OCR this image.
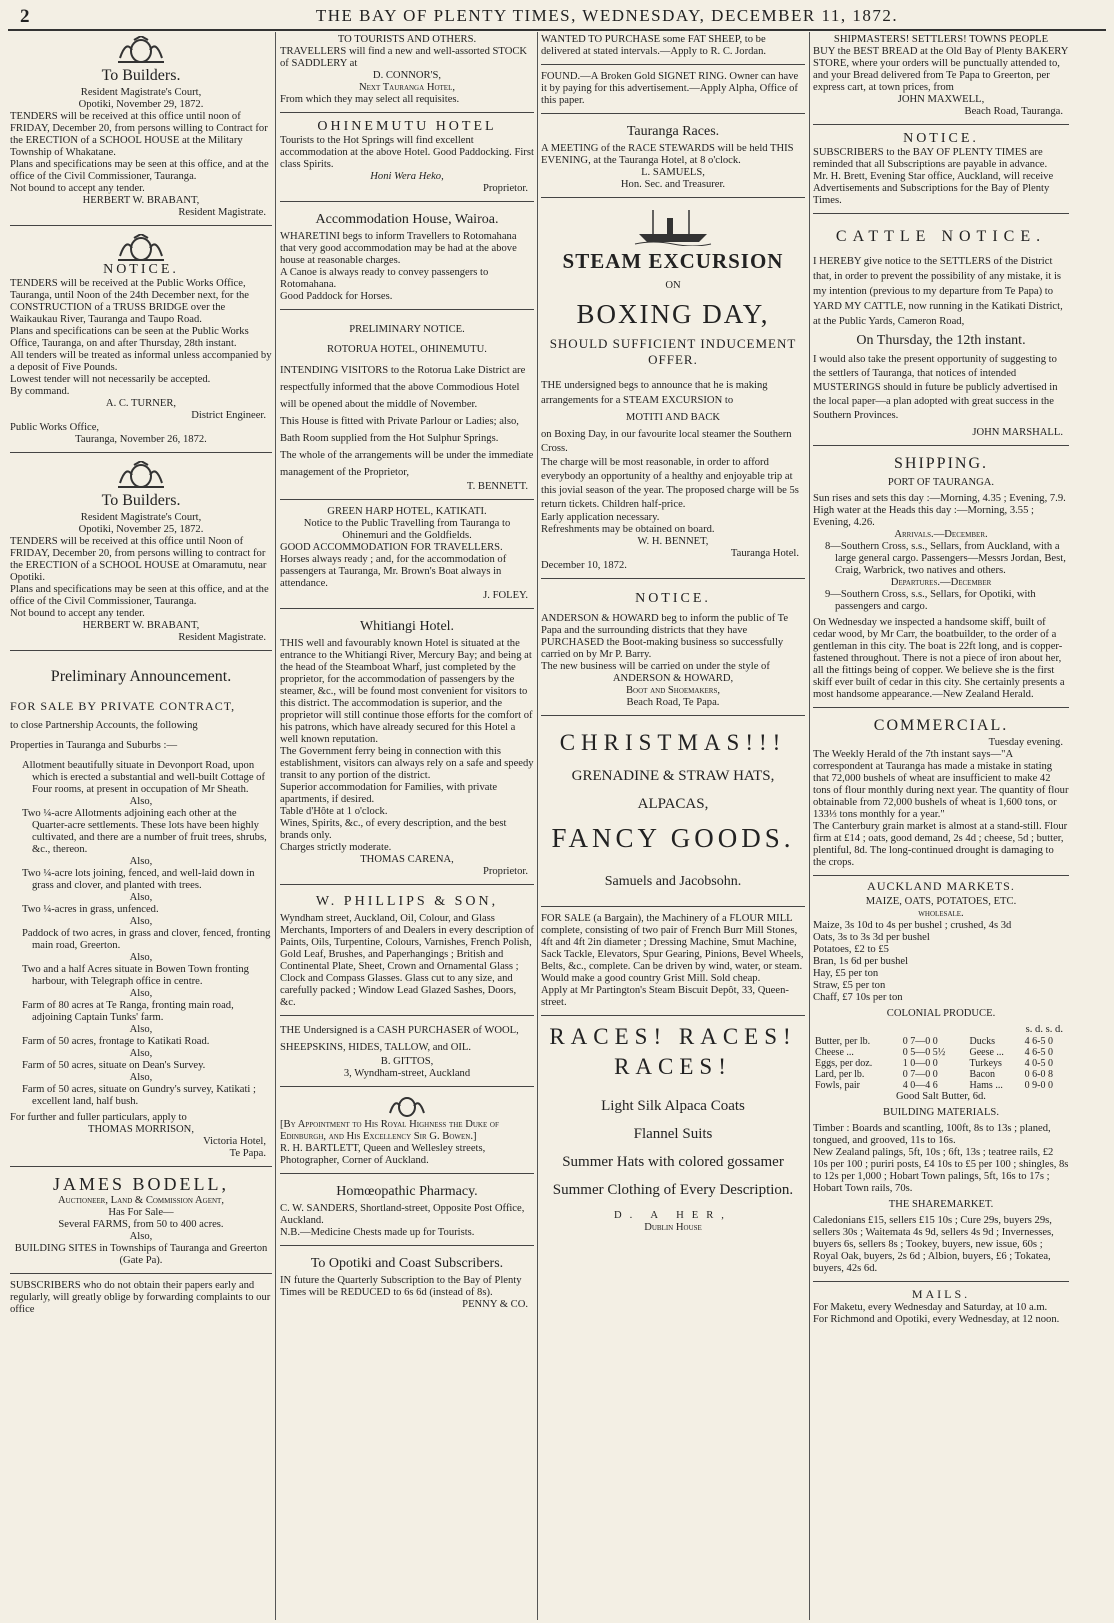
2	THE BAY OF PLENTY TIMES, WEDNESDAY, DECEMBER 11, 1872.

To Builders.

Resident Magistrate's Court,

Opotiki, November 29, 1872.

TENDERS will be received at this office until noon of FRIDAY, December 20, from persons willing to Contract for the ERECTION of a SCHOOL HOUSE at the Military Township of Whakatane.

Plans and specifications may be seen at this office, and at the office of the Civil Commissioner, Tauranga.

Not bound to accept any tender.

HERBERT W. BRABANT,

Resident Magistrate.

NOTICE.

TENDERS will be received at the Public Works Office, Tauranga, until Noon of the 24th December next, for the CONSTRUCTION of a TRUSS BRIDGE over the Waikaukau River, Tauranga and Taupo Road.

Plans and specifications can be seen at the Public Works Office, Tauranga, on and after Thursday, 28th instant.

All tenders will be treated as informal unless accompanied by a deposit of Five Pounds.

Lowest tender will not necessarily be accepted.

By command.

A. C. TURNER,

District Engineer.

Public Works Office,

Tauranga, November 26, 1872.

To Builders.

Resident Magistrate's Court,

Opotiki, November 25, 1872.

TENDERS will be received at this office until Noon of FRIDAY, December 20, from persons willing to contract for the ERECTION of a SCHOOL HOUSE at Omaramutu, near Opotiki.

Plans and specifications may be seen at this office, and at the office of the Civil Commissioner, Tauranga.

Not bound to accept any tender.

HERBERT W. BRABANT,

Resident Magistrate.

Preliminary Announcement.

FOR SALE BY PRIVATE CONTRACT,

to close Partnership Accounts, the following

Properties in Tauranga and Suburbs :—

Allotment beautifully situate in Devonport Road, upon which is erected a substantial and well-built Cottage of Four rooms, at present in occupation of Mr Sheath.

Also,

Two ¼-acre Allotments adjoining each other at the Quarter-acre settlements. These lots have been highly cultivated, and there are a number of fruit trees, shrubs, &c., thereon.

Also,

Two ¼-acre lots joining, fenced, and well-laid down in grass and clover, and planted with trees.

Also,

Two ¼-acres in grass, unfenced.

Also,

Paddock of two acres, in grass and clover, fenced, fronting main road, Greerton.

Also,

Two and a half Acres situate in Bowen Town fronting harbour, with Telegraph office in centre.

Also,

Farm of 80 acres at Te Ranga, fronting main road, adjoining Captain Tunks' farm.

Also,

Farm of 50 acres, frontage to Katikati Road.

Also,

Farm of 50 acres, situate on Dean's Survey.

Also,

Farm of 50 acres, situate on Gundry's survey, Katikati ; excellent land, half bush.

For further and fuller particulars, apply to

THOMAS MORRISON,

Victoria Hotel,

Te Papa.

JAMES BODELL,

Auctioneer, Land & Commission Agent,

Has For Sale—

Several FARMS, from 50 to 400 acres.

Also,

BUILDING SITES in Townships of Tauranga and Greerton (Gate Pa).

SUBSCRIBERS who do not obtain their papers early and regularly, will greatly oblige by forwarding complaints to our office

TO TOURISTS AND OTHERS.

TRAVELLERS will find a new and well-assorted STOCK of SADDLERY at

D. CONNOR'S,

Next Tauranga Hotel,

From which they may select all requisites.

OHINEMUTU HOTEL

Tourists to the Hot Springs will find excellent accommodation at the above Hotel. Good Paddocking. First class Spirits.

Honi Wera Heko,

Proprietor.

Accommodation House, Wairoa.

WHARETINI begs to inform Travellers to Rotomahana that very good accommodation may be had at the above house at reasonable charges.

A Canoe is always ready to convey passengers to Rotomahana.

Good Paddock for Horses.

PRELIMINARY NOTICE.

ROTORUA HOTEL, OHINEMUTU.

INTENDING VISITORS to the Rotorua Lake District are respectfully informed that the above Commodious Hotel will be opened about the middle of November.

This House is fitted with Private Parlour or Ladies; also, Bath Room supplied from the Hot Sulphur Springs.

The whole of the arrangements will be under the immediate management of the Proprietor,

T. BENNETT.

GREEN HARP HOTEL, KATIKATI.

Notice to the Public Travelling from Tauranga to Ohinemuri and the Goldfields.

GOOD ACCOMMODATION FOR TRAVELLERS. Horses always ready ; and, for the accommodation of passengers at Tauranga, Mr. Brown's Boat always in attendance.

J. FOLEY.

Whitiangi Hotel.

THIS well and favourably known Hotel is situated at the entrance to the Whitiangi River, Mercury Bay; and being at the head of the Steamboat Wharf, just completed by the proprietor, for the accommodation of passengers by the steamer, &c., will be found most convenient for visitors to this district. The accommodation is superior, and the proprietor will still continue those efforts for the comfort of his patrons, which have already secured for this Hotel a well known reputation.

The Government ferry being in connection with this establishment, visitors can always rely on a safe and speedy transit to any portion of the district.

Superior accommodation for Families, with private apartments, if desired.

Table d'Hôte at 1 o'clock.

Wines, Spirits, &c., of every description, and the best brands only.

Charges strictly moderate.

THOMAS CARENA,

Proprietor.

W. PHILLIPS & SON,

Wyndham street, Auckland, Oil, Colour, and Glass Merchants, Importers of and Dealers in every description of Paints, Oils, Turpentine, Colours, Varnishes, French Polish, Gold Leaf, Brushes, and Paperhangings ; British and Continental Plate, Sheet, Crown and Ornamental Glass ; Clock and Compass Glasses. Glass cut to any size, and carefully packed ; Window Lead Glazed Sashes, Doors, &c.

THE Undersigned is a CASH PURCHASER of WOOL, SHEEPSKINS, HIDES, TALLOW, and OIL.

B. GITTOS,

3, Wyndham-street, Auckland

[By Appointment to His Royal Highness the Duke of Edinburgh, and His Excellency Sir G. Bowen.]

R. H. BARTLETT, Queen and Wellesley streets, Photographer, Corner of Auckland.

Homœopathic Pharmacy.

C. W. SANDERS, Shortland-street, Opposite Post Office, Auckland.

N.B.—Medicine Chests made up for Tourists.

To Opotiki and Coast Subscribers.

IN future the Quarterly Subscription to the Bay of Plenty Times will be REDUCED to 6s 6d (instead of 8s).

PENNY & CO.

WANTED TO PURCHASE some FAT SHEEP, to be delivered at stated intervals.—Apply to R. C. Jordan.

FOUND.—A Broken Gold SIGNET RING. Owner can have it by paying for this advertisement.—Apply Alpha, Office of this paper.

Tauranga Races.

A MEETING of the RACE STEWARDS will be held THIS EVENING, at the Tauranga Hotel, at 8 o'clock.

L. SAMUELS,

Hon. Sec. and Treasurer.

STEAM EXCURSION

ON

BOXING DAY,

SHOULD SUFFICIENT INDUCEMENT OFFER.

THE undersigned begs to announce that he is making arrangements for a STEAM EXCURSION to

MOTITI AND BACK

on Boxing Day, in our favourite local steamer the Southern Cross.

The charge will be most reasonable, in order to afford everybody an opportunity of a healthy and enjoyable trip at this jovial season of the year. The proposed charge will be 5s return tickets. Children half-price.

Early application necessary.

Refreshments may be obtained on board.

W. H. BENNET,

Tauranga Hotel.

December 10, 1872.

NOTICE.

ANDERSON & HOWARD beg to inform the public of Te Papa and the surrounding districts that they have PURCHASED the Boot-making business so successfully carried on by Mr P. Barry.

The new business will be carried on under the style of

ANDERSON & HOWARD,

Boot and Shoemakers,

Beach Road, Te Papa.

CHRISTMAS!!!

GRENADINE & STRAW HATS,

ALPACAS,

FANCY GOODS.

Samuels and Jacobsohn.

FOR SALE (a Bargain), the Machinery of a FLOUR MILL complete, consisting of two pair of French Burr Mill Stones, 4ft and 4ft 2in diameter ; Dressing Machine, Smut Machine, Sack Tackle, Elevators, Spur Gearing, Pinions, Bevel Wheels, Belts, &c., complete. Can be driven by wind, water, or steam. Would make a good country Grist Mill. Sold cheap.

Apply at Mr Partington's Steam Biscuit Depôt, 33, Queen-street.

RACES! RACES!

RACES!

Light Silk Alpaca Coats

Flannel Suits

Summer Hats with colored gossamer

Summer Clothing of Every Description.

D. A HER,

Dublin House

SHIPMASTERS! SETTLERS! TOWNS PEOPLE

BUY the BEST BREAD at the Old Bay of Plenty BAKERY STORE, where your orders will be punctually attended to, and your Bread delivered from Te Papa to Greerton, per express cart, at town prices, from

JOHN MAXWELL,

Beach Road, Tauranga.

NOTICE.

SUBSCRIBERS to the BAY OF PLENTY TIMES are reminded that all Subscriptions are payable in advance.

Mr. H. Brett, Evening Star office, Auckland, will receive Advertisements and Subscriptions for the Bay of Plenty Times.

CATTLE NOTICE.

I HEREBY give notice to the SETTLERS of the District that, in order to prevent the possibility of any mistake, it is my intention (previous to my departure from Te Papa) to YARD MY CATTLE, now running in the Katikati District, at the Public Yards, Cameron Road,

On Thursday, the 12th instant.

I would also take the present opportunity of suggesting to the settlers of Tauranga, that notices of intended MUSTERINGS should in future be publicly advertised in the local paper—a plan adopted with great success in the Southern Provinces.

JOHN MARSHALL.

SHIPPING.

PORT OF TAURANGA.

Sun rises and sets this day :—Morning, 4.35 ; Evening, 7.9.

High water at the Heads this day :—Morning, 3.55 ; Evening, 4.26.

Arrivals.—December.

8—Southern Cross, s.s., Sellars, from Auckland, with a large general cargo. Passengers—Messrs Jordan, Best, Craig, Warbrick, two natives and others.

Departures.—December

9—Southern Cross, s.s., Sellars, for Opotiki, with passengers and cargo.

On Wednesday we inspected a handsome skiff, built of cedar wood, by Mr Carr, the boatbuilder, to the order of a gentleman in this city. The boat is 22ft long, and is copper-fastened throughout. There is not a piece of iron about her, all the fittings being of copper. We believe she is the first skiff ever built of cedar in this city. She certainly presents a most handsome appearance.—New Zealand Herald.

COMMERCIAL.

Tuesday evening.

The Weekly Herald of the 7th instant says—"A correspondent at Tauranga has made a mistake in stating that 72,000 bushels of wheat are insufficient to make 42 tons of flour monthly during next year. The quantity of flour obtainable from 72,000 bushels of wheat is 1,600 tons, or 133⅓ tons monthly for a year."

The Canterbury grain market is almost at a stand-still. Flour firm at £14 ; oats, good demand, 2s 4d ; cheese, 5d ; butter, plentiful, 8d. The long-continued drought is damaging to the crops.

AUCKLAND MARKETS.

MAIZE, OATS, POTATOES, ETC.

wholesale.

Maize, 3s 10d to 4s per bushel ; crushed, 4s 3d

Oats, 3s to 3s 3d per bushel

Potatoes, £2 to £5

Bran, 1s 6d per bushel

Hay, £5 per ton

Straw, £5 per ton

Chaff, £7 10s per ton

COLONIAL PRODUCE.

s. d. s. d.

Butter, per lb.	0 7—0 0	Ducks	4 6-5 0
Cheese ...	0 5—0 5½	Geese ...	4 6-5 0
Eggs, per doz.	1 0—0 0	Turkeys	4 0-5 0
Lard, per lb.	0 7—0 0	Bacon	0 6-0 8
Fowls, pair	4 0—4 6	Hams ...	0 9-0 0

Good Salt Butter, 6d.

BUILDING MATERIALS.

Timber : Boards and scantling, 100ft, 8s to 13s ; planed, tongued, and grooved, 11s to 16s.

New Zealand palings, 5ft, 10s ; 6ft, 13s ; teatree rails, £2 10s per 100 ; puriri posts, £4 10s to £5 per 100 ; shingles, 8s to 12s per 1,000 ; Hobart Town palings, 5ft, 16s to 17s ; Hobart Town rails, 70s.

THE SHAREMARKET.

Caledonians £15, sellers £15 10s ; Cure 29s, buyers 29s, sellers 30s ; Waitemata 4s 9d, sellers 4s 9d ; Invernesses, buyers 6s, sellers 8s ; Tookey, buyers, new issue, 60s ; Royal Oak, buyers, 2s 6d ; Albion, buyers, £6 ; Tokatea, buyers, 42s 6d.

MAILS.

For Maketu, every Wednesday and Saturday, at 10 a.m.

For Richmond and Opotiki, every Wednesday, at 12 noon.
